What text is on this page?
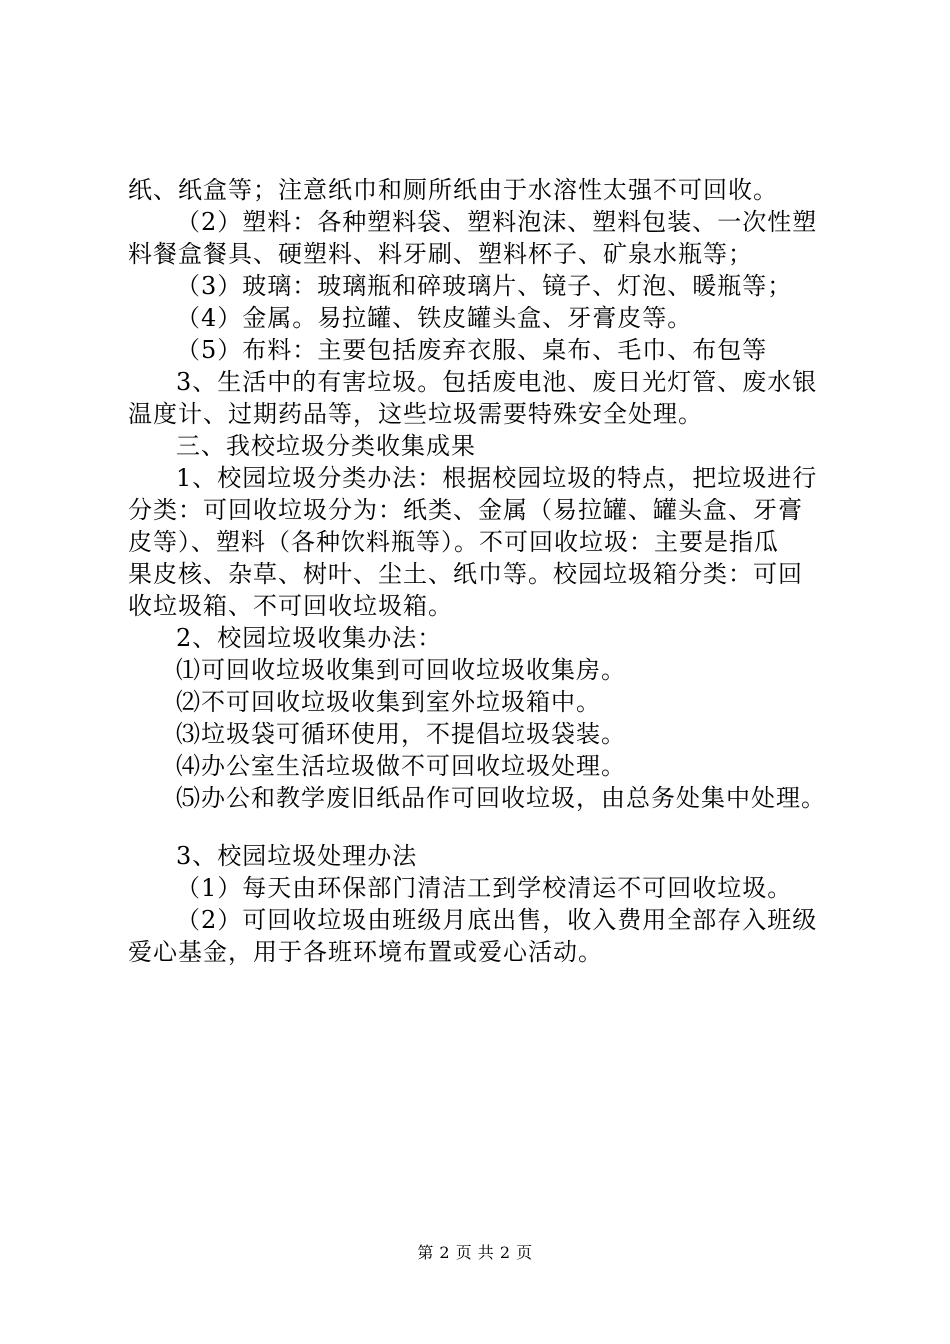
纸、纸盒等；注意纸巾和厕所纸由于水溶性太强不可回收。
（2）塑料：各种塑料袋、塑料泡沫、塑料包装、一次性塑
料餐盒餐具、硬塑料、料牙刷、塑料杯子、矿泉水瓶等；
（3）玻璃：玻璃瓶和碎玻璃片、镜子、灯泡、暖瓶等；
（4）金属。易拉罐、铁皮罐头盒、牙膏皮等。
（5）布料：主要包括废弃衣服、桌布、毛巾、布包等
3、生活中的有害垃圾。包括废电池、废日光灯管、废水银
温度计、过期药品等，这些垃圾需要特殊安全处理。
三、我校垃圾分类收集成果
1、校园垃圾分类办法：根据校园垃圾的特点，把垃圾进行
分类：可回收垃圾分为：纸类、金属（易拉罐、罐头盒、牙膏
皮等）、塑料（各种饮料瓶等）。不可回收垃圾：主要是指瓜
果皮核、杂草、树叶、尘土、纸巾等。校园垃圾箱分类：可回
收垃圾箱、不可回收垃圾箱。
2、校园垃圾收集办法：
⑴可回收垃圾收集到可回收垃圾收集房。
⑵不可回收垃圾收集到室外垃圾箱中。
⑶垃圾袋可循环使用，不提倡垃圾袋装。
⑷办公室生活垃圾做不可回收垃圾处理。
⑸办公和教学废旧纸品作可回收垃圾，由总务处集中处理。
3、校园垃圾处理办法
（1）每天由环保部门清洁工到学校清运不可回收垃圾。
（2）可回收垃圾由班级月底出售，收入费用全部存入班级
爱心基金，用于各班环境布置或爱心活动。
第 2 页 共 2 页
